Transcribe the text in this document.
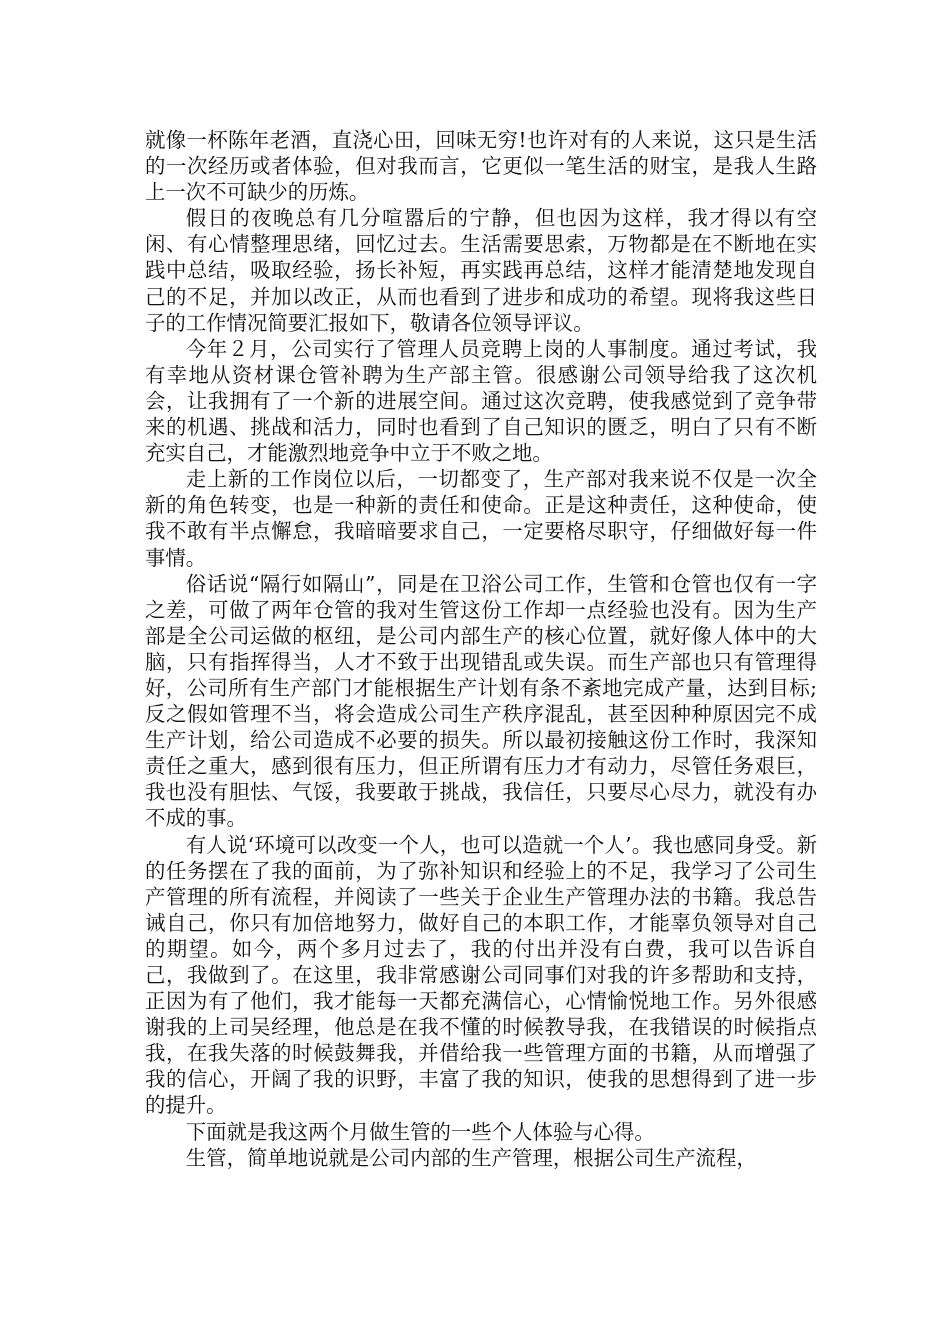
就像一杯陈年老酒，直浇心田，回味无穷!也许对有的人来说，这只是生活的一次经历或者体验，但对我而言，它更似一笔生活的财宝，是我人生路上一次不可缺少的历炼。

假日的夜晚总有几分喧嚣后的宁静，但也因为这样，我才得以有空闲、有心情整理思绪，回忆过去。生活需要思索，万物都是在不断地在实践中总结，吸取经验，扬长补短，再实践再总结，这样才能清楚地发现自己的不足，并加以改正，从而也看到了进步和成功的希望。现将我这些日子的工作情况简要汇报如下，敬请各位领导评议。

今年２月，公司实行了管理人员竞聘上岗的人事制度。通过考试，我有幸地从资材课仓管补聘为生产部主管。很感谢公司领导给我了这次机会，让我拥有了一个新的进展空间。通过这次竞聘，使我感觉到了竞争带来的机遇、挑战和活力，同时也看到了自己知识的匮乏，明白了只有不断充实自己，才能激烈地竞争中立于不败之地。

走上新的工作岗位以后，一切都变了，生产部对我来说不仅是一次全新的角色转变，也是一种新的责任和使命。正是这种责任，这种使命，使我不敢有半点懈怠，我暗暗要求自己，一定要格尽职守，仔细做好每一件事情。

俗话说“隔行如隔山”，同是在卫浴公司工作，生管和仓管也仅有一字之差，可做了两年仓管的我对生管这份工作却一点经验也没有。因为生产部是全公司运做的枢纽，是公司内部生产的核心位置，就好像人体中的大脑，只有指挥得当，人才不致于出现错乱或失误。而生产部也只有管理得好，公司所有生产部门才能根据生产计划有条不紊地完成产量，达到目标;反之假如管理不当，将会造成公司生产秩序混乱，甚至因种种原因完不成生产计划，给公司造成不必要的损失。所以最初接触这份工作时，我深知责任之重大，感到很有压力，但正所谓有压力才有动力，尽管任务艰巨，我也没有胆怯、气馁，我要敢于挑战，我信任，只要尽心尽力，就没有办不成的事。

有人说‘环境可以改变一个人，也可以造就一个人’。我也感同身受。新的任务摆在了我的面前，为了弥补知识和经验上的不足，我学习了公司生产管理的所有流程，并阅读了一些关于企业生产管理办法的书籍。我总告诫自己，你只有加倍地努力，做好自己的本职工作，才能辜负领导对自己的期望。如今，两个多月过去了，我的付出并没有白费，我可以告诉自己，我做到了。在这里，我非常感谢公司同事们对我的许多帮助和支持，正因为有了他们，我才能每一天都充满信心，心情愉悦地工作。另外很感谢我的上司吴经理，他总是在我不懂的时候教导我，在我错误的时候指点我，在我失落的时候鼓舞我，并借给我一些管理方面的书籍，从而增强了我的信心，开阔了我的识野，丰富了我的知识，使我的思想得到了进一步的提升。

下面就是我这两个月做生管的一些个人体验与心得。

生管，简单地说就是公司内部的生产管理，根据公司生产流程，
